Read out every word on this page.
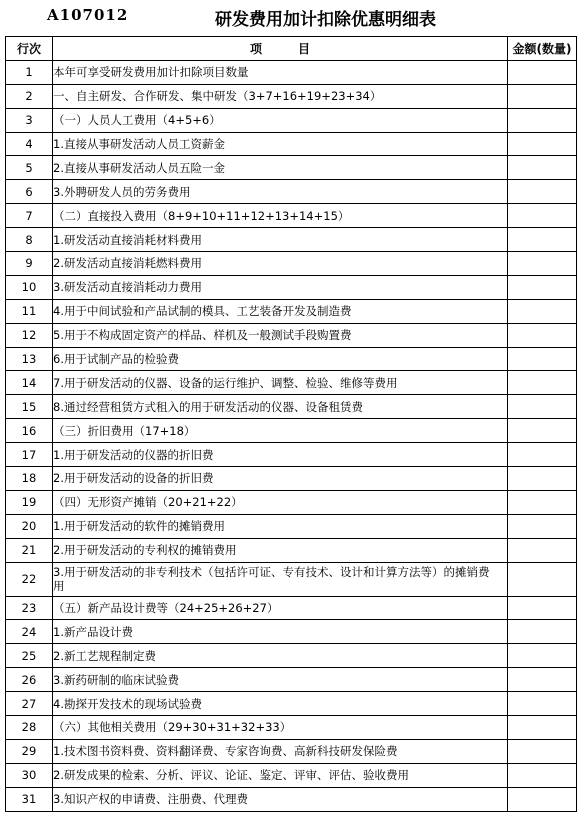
A107012	研发费用加计扣除优惠明细表
行次	项　　　目	金额(数量)
1	本年可享受研发费用加计扣除项目数量	
2	一、自主研发、合作研发、集中研发（3+7+16+19+23+34）	
3	（一）人员人工费用（4+5+6）	
4	1.直接从事研发活动人员工资薪金	
5	2.直接从事研发活动人员五险一金	
6	3.外聘研发人员的劳务费用	
7	（二）直接投入费用（8+9+10+11+12+13+14+15）	
8	1.研发活动直接消耗材料费用	
9	2.研发活动直接消耗燃料费用	
10	3.研发活动直接消耗动力费用	
11	4.用于中间试验和产品试制的模具、工艺装备开发及制造费	
12	5.用于不构成固定资产的样品、样机及一般测试手段购置费	
13	6.用于试制产品的检验费	
14	7.用于研发活动的仪器、设备的运行维护、调整、检验、维修等费用	
15	8.通过经营租赁方式租入的用于研发活动的仪器、设备租赁费	
16	（三）折旧费用（17+18）	
17	1.用于研发活动的仪器的折旧费	
18	2.用于研发活动的设备的折旧费	
19	（四）无形资产摊销（20+21+22）	
20	1.用于研发活动的软件的摊销费用	
21	2.用于研发活动的专利权的摊销费用	
22	3.用于研发活动的非专利技术（包括许可证、专有技术、设计和计算方法等）的摊销费用	
23	（五）新产品设计费等（24+25+26+27）	
24	1.新产品设计费	
25	2.新工艺规程制定费	
26	3.新药研制的临床试验费	
27	4.勘探开发技术的现场试验费	
28	（六）其他相关费用（29+30+31+32+33）	
29	1.技术图书资料费、资料翻译费、专家咨询费、高新科技研发保险费	
30	2.研发成果的检索、分析、评议、论证、鉴定、评审、评估、验收费用	
31	3.知识产权的申请费、注册费、代理费	
